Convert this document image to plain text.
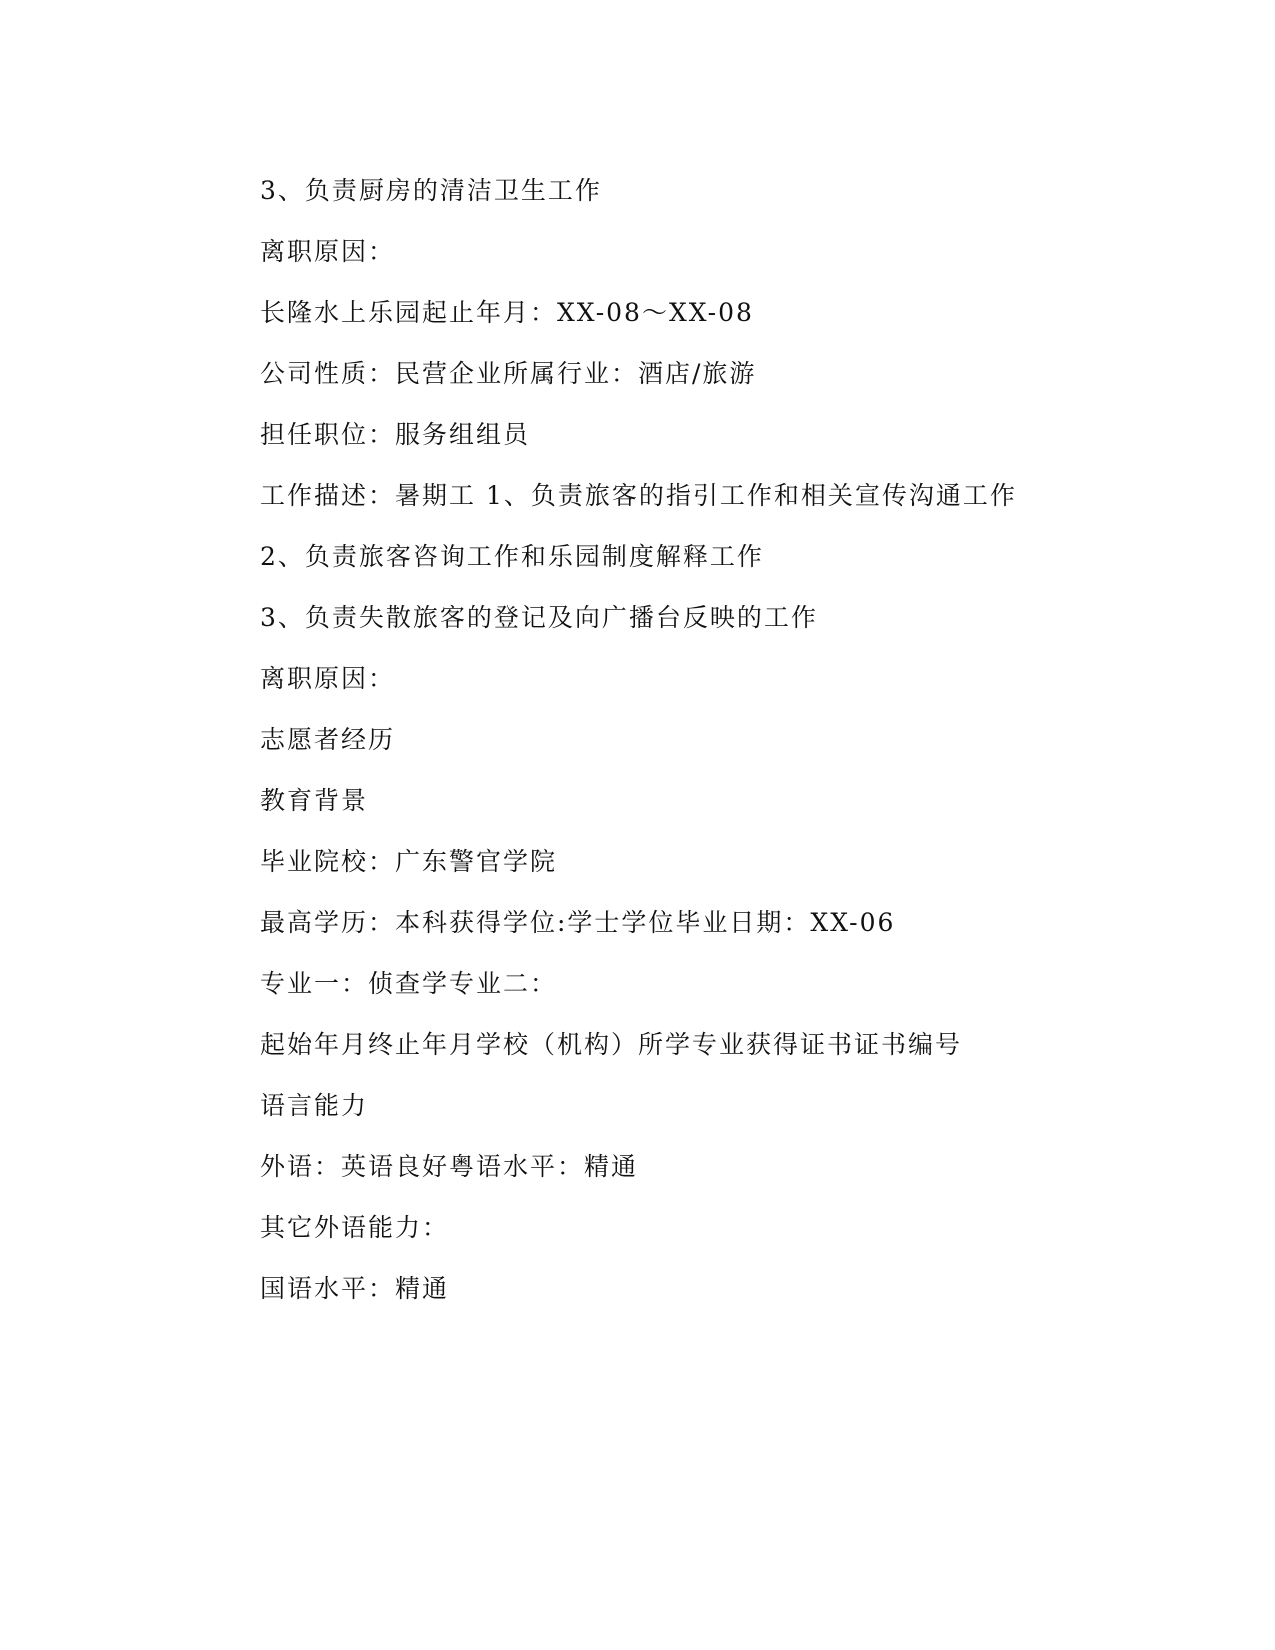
3、负责厨房的清洁卫生工作
离职原因：
长隆水上乐园起止年月：XX-08～XX-08
公司性质：民营企业所属行业：酒店/旅游
担任职位：服务组组员
工作描述：暑期工 1、负责旅客的指引工作和相关宣传沟通工作
2、负责旅客咨询工作和乐园制度解释工作
3、负责失散旅客的登记及向广播台反映的工作
离职原因：
志愿者经历
教育背景
毕业院校：广东警官学院
最高学历：本科获得学位:学士学位毕业日期：XX-06
专业一：侦查学专业二：
起始年月终止年月学校（机构）所学专业获得证书证书编号
语言能力
外语：英语良好粤语水平：精通
其它外语能力：
国语水平：精通
